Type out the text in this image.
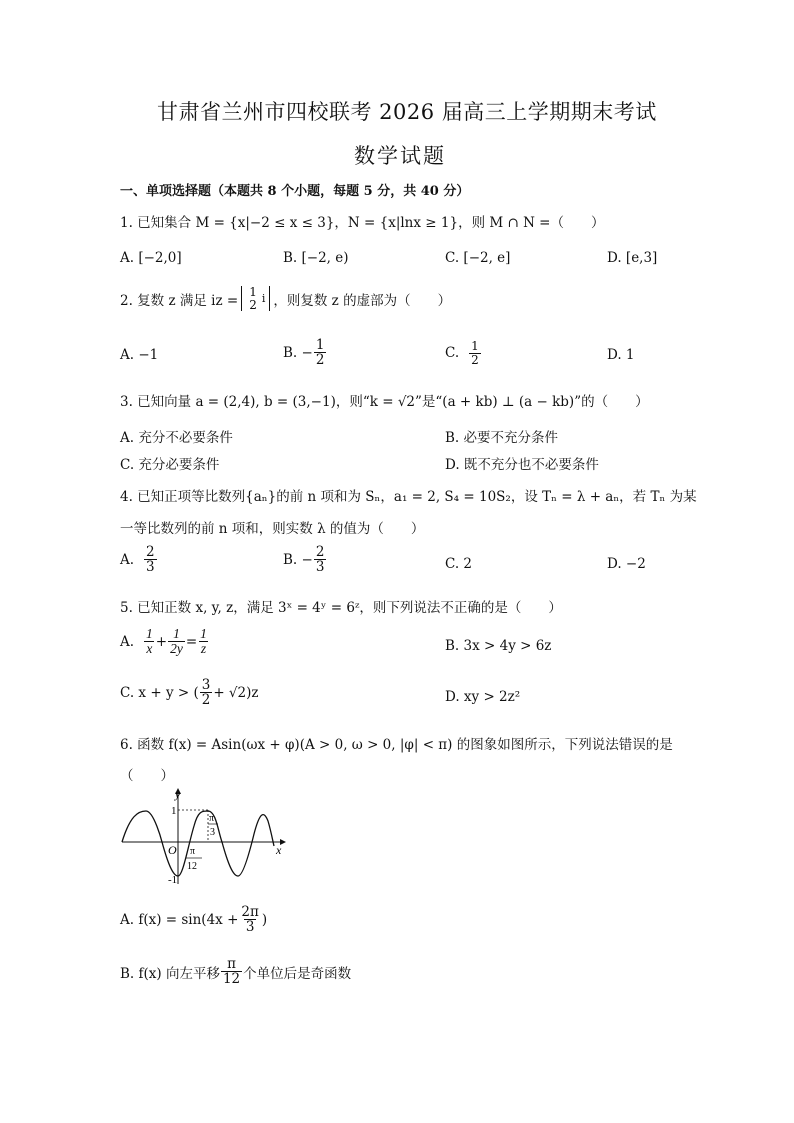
甘肃省兰州市四校联考 2026 届高三上学期期末考试
数学试题
一、单项选择题（本题共 8 个小题，每题 5 分，共 40 分）
1. 已知集合 M = {x|−2 ≤ x ≤ 3}，N = {x|lnx ≥ 1}，则 M ∩ N =（　　）
A. [−2,0]	B. [−2, e)	C. [−2, e]	D. [e,3]
2. 复数 z 满足 iz =
1
2 i ，则复数 z 的虚部为（　　）
A. −1	B. − $\frac{1}{2}$	C. $\frac{1}{2}$	D. 1
3. 已知向量 a = (2,4), b = (3,−1)，则“k = √2”是“(a + kb) ⊥ (a − kb)”的（　　）
A. 充分不必要条件	B. 必要不充分条件
C. 充分必要条件	D. 既不充分也不必要条件
4. 已知正项等比数列{aₙ}的前 n 项和为 Sₙ，a₁ = 2, S₄ = 10S₂，设 Tₙ = λ + aₙ，若 Tₙ 为某
一等比数列的前 n 项和，则实数 λ 的值为（　　）
A. $\frac{2}{3}$	B. − $\frac{2}{3}$	C. 2	D. −2
5. 已知正数 x, y, z，满足 3ˣ = 4ʸ = 6ᶻ，则下列说法不正确的是（　　）
A. $\frac{1}{x} + \frac{1}{2y} = \frac{1}{z}$	B. 3x > 4y > 6z
C. x + y > ( $\frac{3}{2} + √2)z$	D. xy > 2z²
6. 函数 f(x) = Asin(ωx + φ)(A > 0, ω > 0, |φ| < π) 的图象如图所示，下列说法错误的是
（　　）
y
x
1
-1
O
π
3
π
12
A. $f(x) = \sin(4x + \frac{2\pi}{3}$ )
B. f(x) 向左平移 $\frac{\pi}{12}$ 个单位后是奇函数
